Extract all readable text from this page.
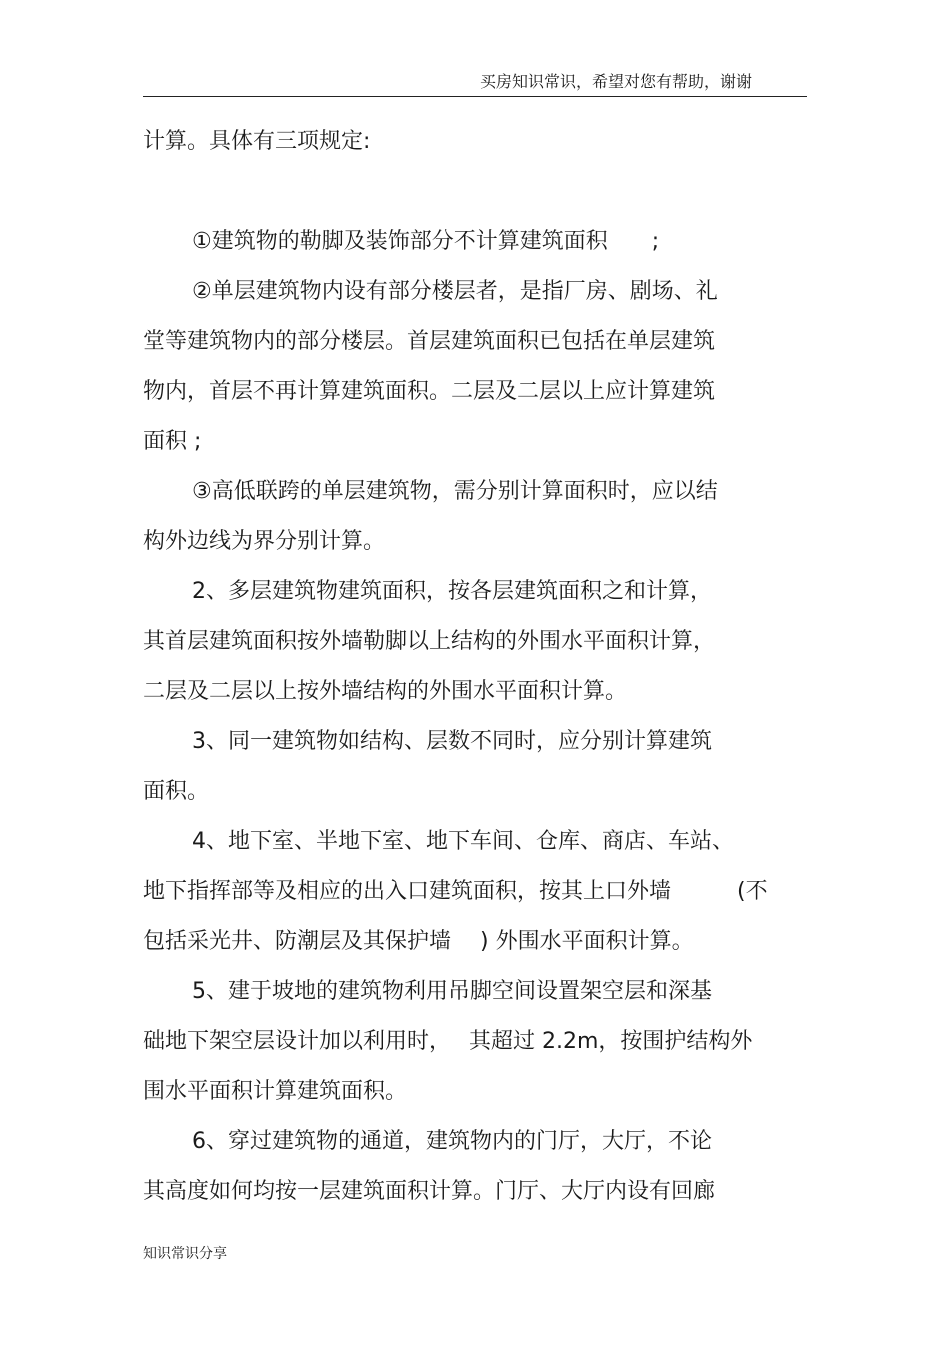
买房知识常识，希望对您有帮助，谢谢
计算。具体有三项规定:
①建筑物的勒脚及装饰部分不计算建筑面积　　;
②单层建筑物内设有部分楼层者，是指厂房、剧场、礼
堂等建筑物内的部分楼层。首层建筑面积已包括在单层建筑
物内，首层不再计算建筑面积。二层及二层以上应计算建筑
面积 ;
③高低联跨的单层建筑物，需分别计算面积时，应以结
构外边线为界分别计算。
2、多层建筑物建筑面积，按各层建筑面积之和计算，
其首层建筑面积按外墙勒脚以上结构的外围水平面积计算，
二层及二层以上按外墙结构的外围水平面积计算。
3、同一建筑物如结构、层数不同时，应分别计算建筑
面积。
4、地下室、半地下室、地下车间、仓库、商店、车站、
地下指挥部等及相应的出入口建筑面积，按其上口外墙　　　(不
包括采光井、防潮层及其保护墙　 ) 外围水平面积计算。
5、建于坡地的建筑物利用吊脚空间设置架空层和深基
础地下架空层设计加以利用时，　 其超过 2.2m，按围护结构外
围水平面积计算建筑面积。
6、穿过建筑物的通道，建筑物内的门厅，大厅，不论
其高度如何均按一层建筑面积计算。门厅、大厅内设有回廊
知识常识分享
